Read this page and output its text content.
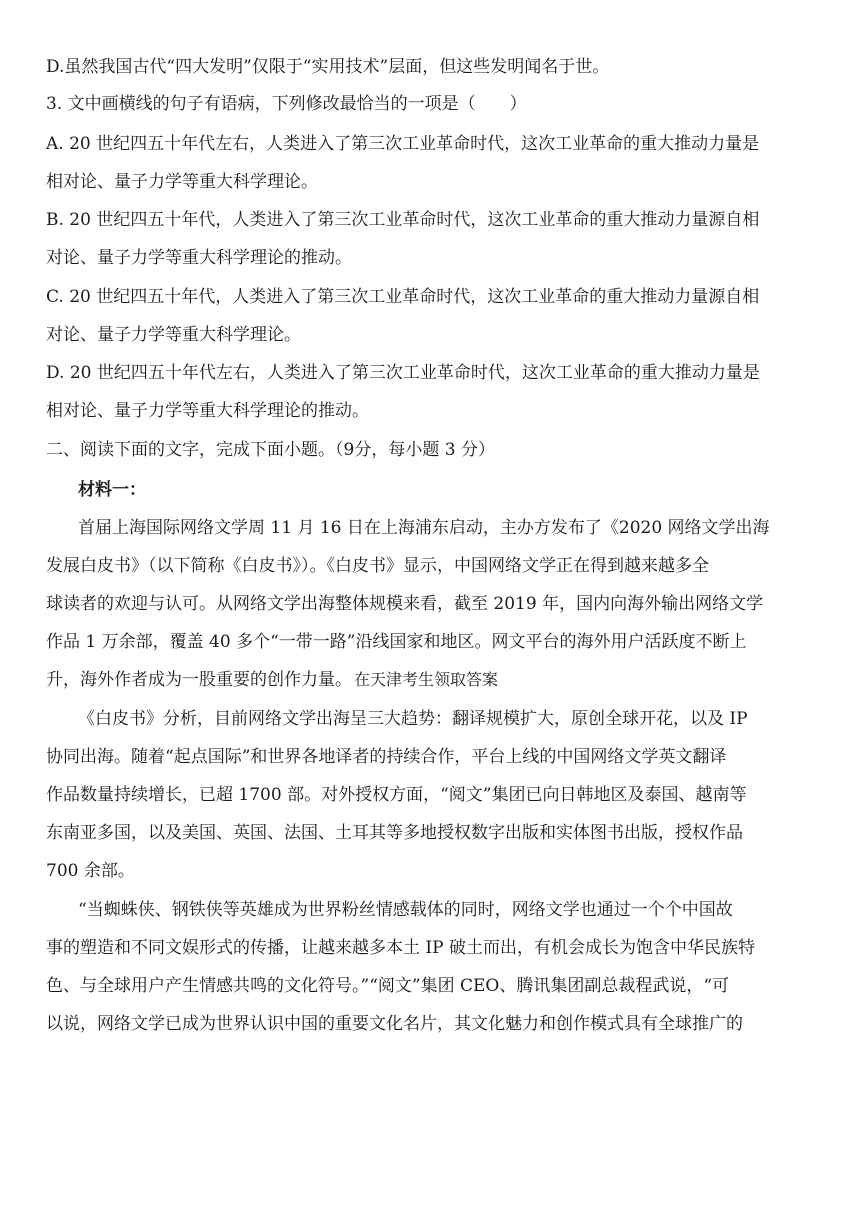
D.虽然我国古代“四大发明”仅限于“实用技术”层面，但这些发明闻名于世。
3. 文中画横线的句子有语病，下列修改最恰当的一项是（　　）
A. 20 世纪四五十年代左右，人类进入了第三次工业革命时代，这次工业革命的重大推动力量是
相对论、量子力学等重大科学理论。
B. 20 世纪四五十年代，人类进入了第三次工业革命时代，这次工业革命的重大推动力量源自相
对论、量子力学等重大科学理论的推动。
C. 20 世纪四五十年代，人类进入了第三次工业革命时代，这次工业革命的重大推动力量源自相
对论、量子力学等重大科学理论。
D. 20 世纪四五十年代左右，人类进入了第三次工业革命时代，这次工业革命的重大推动力量是
相对论、量子力学等重大科学理论的推动。
二、阅读下面的文字，完成下面小题。（9分，每小题 3 分）
材料一：
首届上海国际网络文学周 11 月 16 日在上海浦东启动，主办方发布了《2020 网络文学出海
发展白皮书》（以下简称《白皮书》）。《白皮书》显示，中国网络文学正在得到越来越多全
球读者的欢迎与认可。从网络文学出海整体规模来看，截至 2019 年，国内向海外输出网络文学
作品 1 万余部，覆盖 40 多个“一带一路”沿线国家和地区。网文平台的海外用户活跃度不断上
升，海外作者成为一股重要的创作力量。 在天津考生领取答案
《白皮书》分析，目前网络文学出海呈三大趋势：翻译规模扩大，原创全球开花，以及 IP
协同出海。随着“起点国际”和世界各地译者的持续合作，平台上线的中国网络文学英文翻译
作品数量持续增长，已超 1700 部。对外授权方面，“阅文”集团已向日韩地区及泰国、越南等
东南亚多国，以及美国、英国、法国、土耳其等多地授权数字出版和实体图书出版，授权作品
700 余部。
“当蜘蛛侠、钢铁侠等英雄成为世界粉丝情感载体的同时，网络文学也通过一个个中国故
事的塑造和不同文娱形式的传播，让越来越多本土 IP 破土而出，有机会成长为饱含中华民族特
色、与全球用户产生情感共鸣的文化符号。”“阅文”集团 CEO、腾讯集团副总裁程武说，“可
以说，网络文学已成为世界认识中国的重要文化名片，其文化魅力和创作模式具有全球推广的
